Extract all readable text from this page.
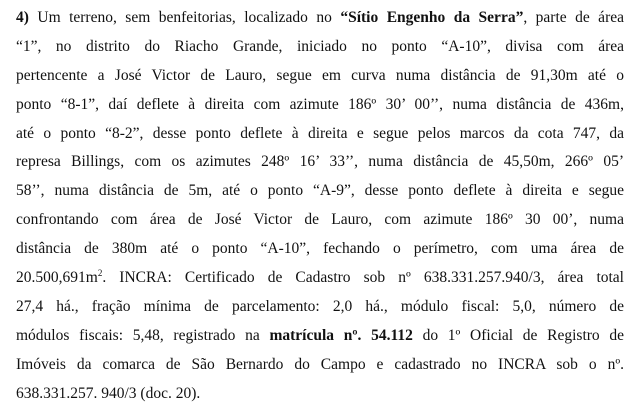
4) Um terreno, sem benfeitorias, localizado no “Sítio Engenho da Serra”, parte de área
“1”, no distrito do Riacho Grande, iniciado no ponto “A-10”, divisa com área
pertencente a José Victor de Lauro, segue em curva numa distância de 91,30m até o
ponto “8-1”, daí deflete à direita com azimute 186º 30’ 00’’, numa distância de 436m,
até o ponto “8-2”, desse ponto deflete à direita e segue pelos marcos da cota 747, da
represa Billings, com os azimutes 248º 16’ 33’’, numa distância de 45,50m, 266º 05’
58’’, numa distância de 5m, até o ponto “A-9”, desse ponto deflete à direita e segue
confrontando com área de José Victor de Lauro, com azimute 186º 30 00’, numa
distância de 380m até o ponto “A-10”, fechando o perímetro, com uma área de
$20.500,691m^2$. INCRA: Certificado de Cadastro sob nº 638.331.257.940/3, área total
27,4 há., fração mínima de parcelamento: 2,0 há., módulo fiscal: 5,0, número de
módulos fiscais: 5,48, registrado na matrícula nº. 54.112 do 1º Oficial de Registro de
Imóveis da comarca de São Bernardo do Campo e cadastrado no INCRA sob o nº.
638.331.257. 940/3 (doc. 20).
